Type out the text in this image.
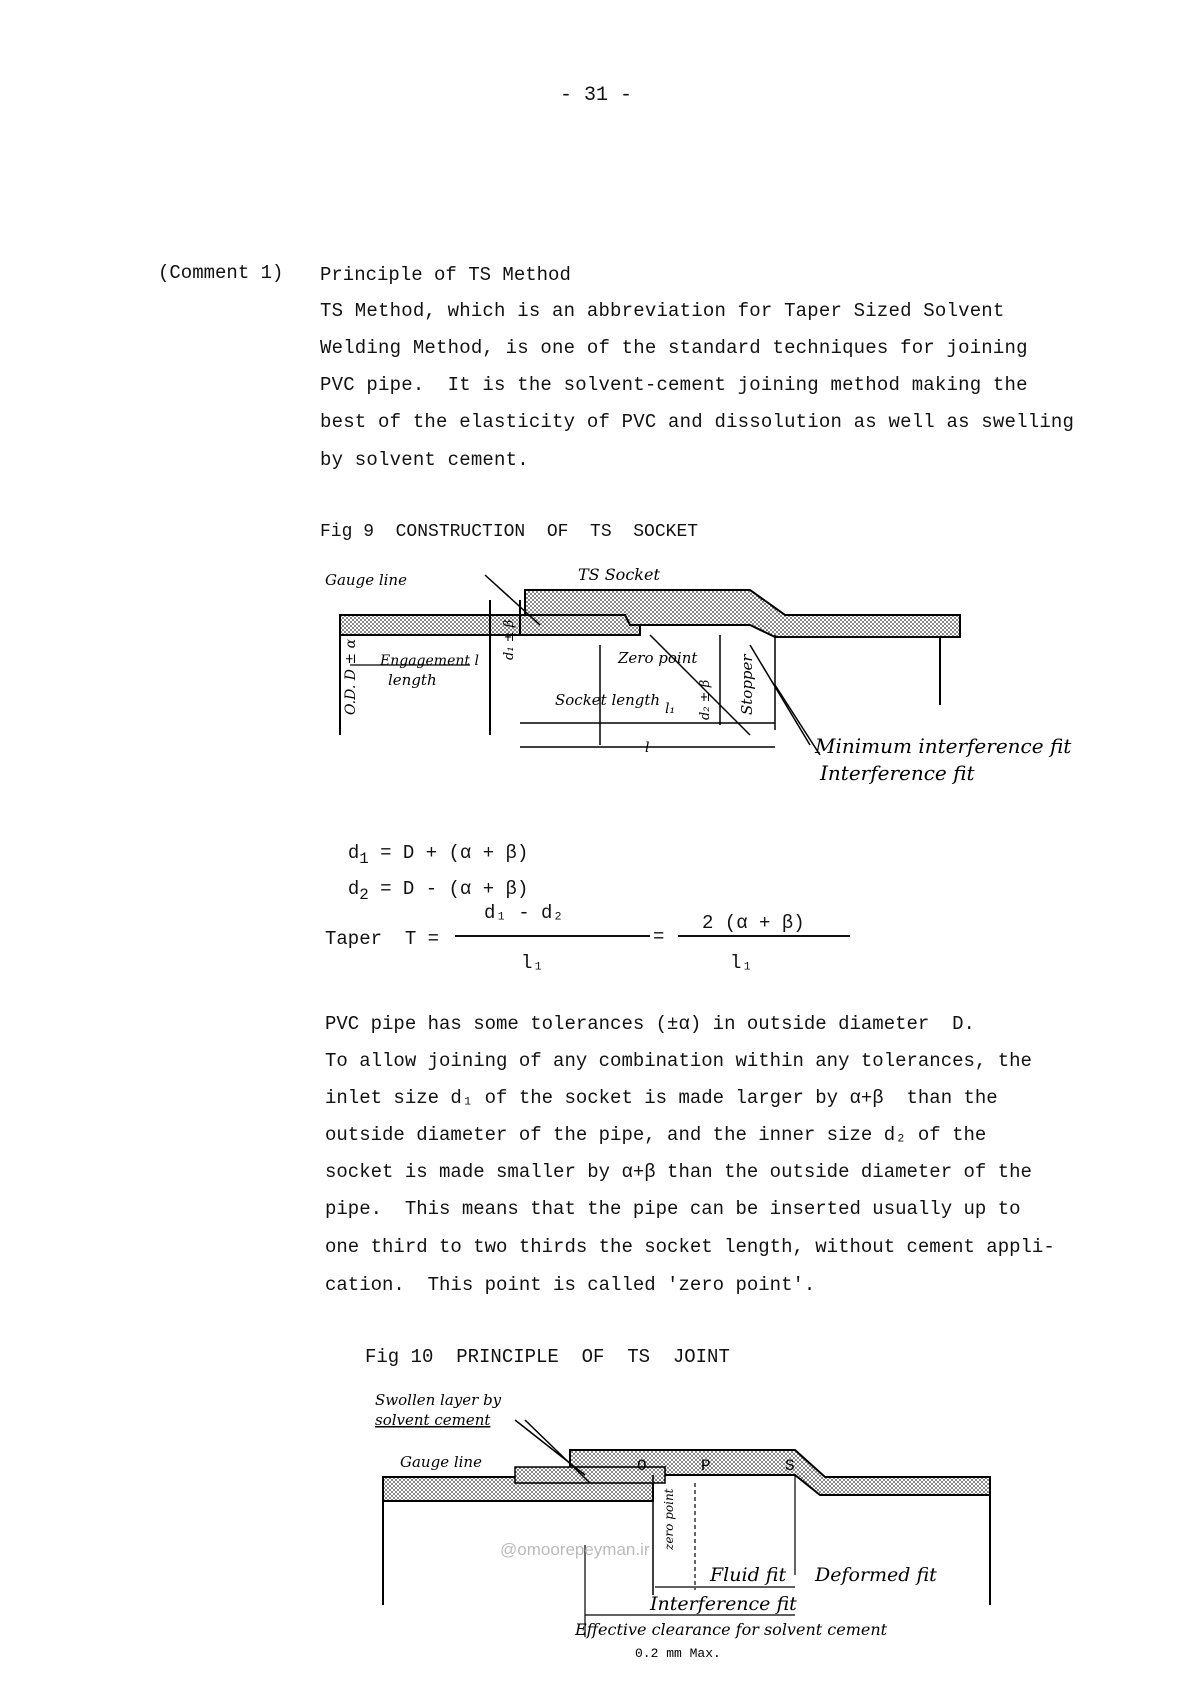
- 31 -
(Comment 1) Principle of TS Method
TS Method, which is an abbreviation for Taper Sized Solvent
Welding Method, is one of the standard techniques for joining
PVC pipe.  It is the solvent-cement joining method making the
best of the elasticity of PVC and dissolution as well as swelling
by solvent cement.
Fig 9  CONSTRUCTION  OF  TS  SOCKET
Gauge line	TS Socket
O.D. D ± α Engagement l
length
d₁ ± β	Zero point
d₂ ± β Stopper
Socket length l₁
l	Minimum interference fit
Interference fit

$d_1 = D + (\alpha + \beta)$

$d_2 = D - (\alpha + \beta)$

Taper  T =
d₁ - d₂
l₁
=
2 (α + β)
l₁
PVC pipe has some tolerances (±α) in outside diameter  D.
To allow joining of any combination within any tolerances, the
inlet size d₁ of the socket is made larger by α+β  than the
outside diameter of the pipe, and the inner size d₂ of the
socket is made smaller by α+β than the outside diameter of the
pipe.  This means that the pipe can be inserted usually up to
one third to two thirds the socket length, without cement appli-
cation.  This point is called 'zero point'.
Fig 10  PRINCIPLE  OF  TS  JOINT
Swollen layer by
solvent cement
Gauge line	O	P	S
zero point
Fluid fit Deformed fit
Interference fit
Effective clearance for solvent cement
0.2 mm Max.
@omoorepeyman.ir
